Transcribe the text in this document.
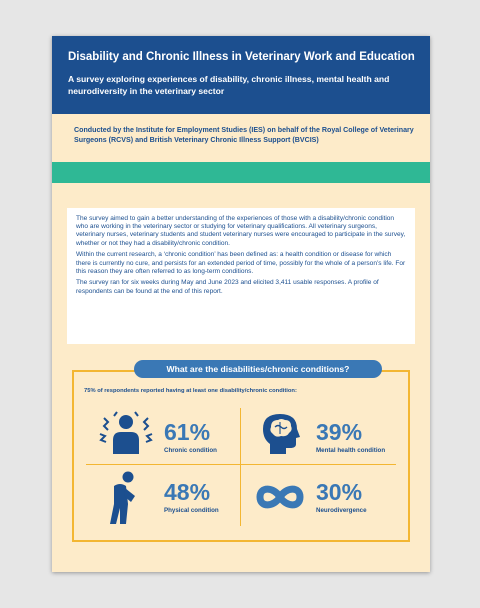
Disability and Chronic Illness in Veterinary Work and Education
A survey exploring experiences of disability, chronic illness, mental health and neurodiversity in the veterinary sector
Conducted by the Institute for Employment Studies (IES) on behalf of the Royal College of Veterinary Surgeons (RCVS) and British Veterinary Chronic Illness Support (BVCIS)

The survey aimed to gain a better understanding of the experiences of those with a disability/chronic condition who are working in the veterinary sector or studying for veterinary qualifications. All veterinary surgeons, veterinary nurses, veterinary students and student veterinary nurses were encouraged to participate in the survey, whether or not they had a disability/chronic condition.

Within the current research, a ‘chronic condition’ has been defined as: a health condition or disease for which there is currently no cure, and persists for an extended period of time, possibly for the whole of a person’s life. For this reason they are often referred to as long-term conditions.

The survey ran for six weeks during May and June 2023 and elicited 3,411 usable responses. A profile of respondents can be found at the end of this report.

What are the disabilities/chronic conditions?
75% of respondents reported having at least one disability/chronic condition:
61%
Chronic condition
39%
Mental health condition
48%
Physical condition
30%
Neurodivergence
